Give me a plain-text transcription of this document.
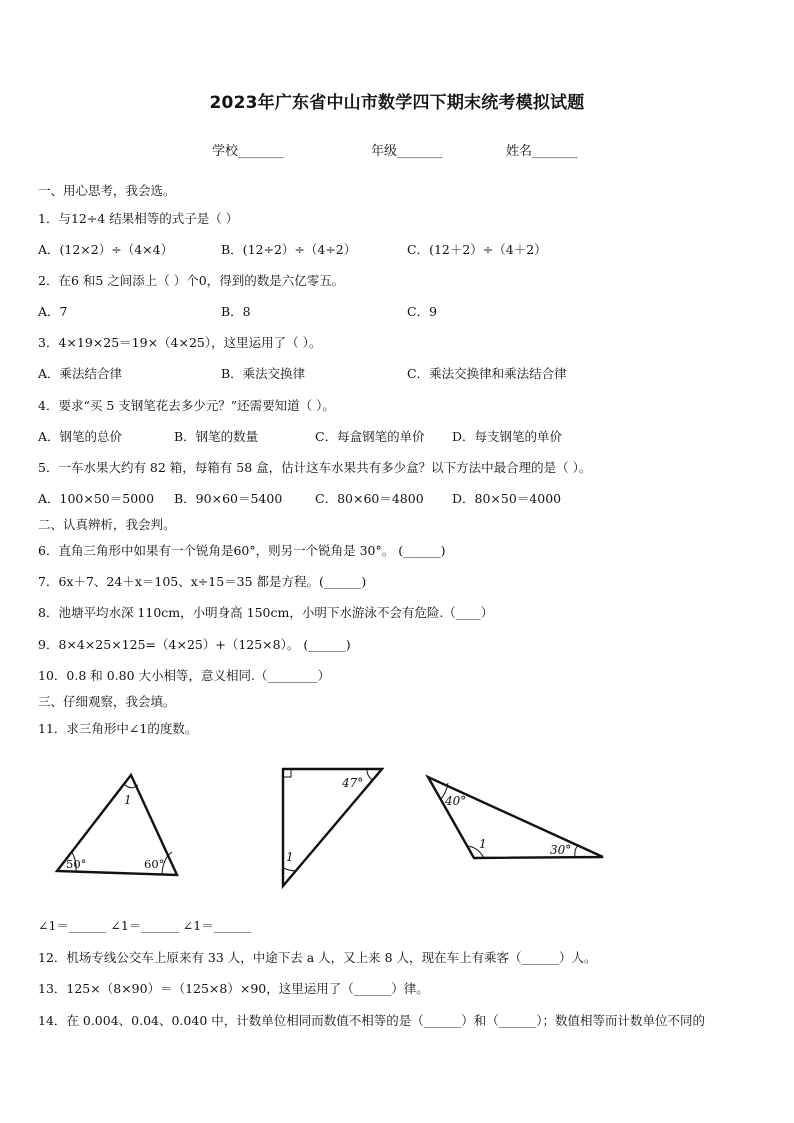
2023年广东省中山市数学四下期末统考模拟试题
学校_______	年级_______	姓名_______
一、用心思考，我会选。
1．与12÷4 结果相等的式子是（ ）
A．(12×2）÷（4×4）	B．(12÷2）÷（4÷2）	C．(12＋2）÷（4＋2）
2．在6 和5 之间添上（ ）个0，得到的数是六亿零五。
A．7	B．8	C．9
3．4×19×25＝19×（4×25），这里运用了（ ）。
A．乘法结合律	B．乘法交换律	C．乘法交换律和乘法结合律
4．要求“买 5 支钢笔花去多少元？”还需要知道（ ）。
A．钢笔的总价	B．钢笔的数量	C．每盒钢笔的单价 D．每支钢笔的单价
5．一车水果大约有 82 箱，每箱有 58 盒，估计这车水果共有多少盒？以下方法中最合理的是（ ）。
A．100×50＝5000 B．90×60＝5400	C．80×60＝4800 D．80×50＝4000
二、认真辨析，我会判。
6．直角三角形中如果有一个锐角是60°，则另一个锐角是 30°。 (______)
7．6x＋7、24＋x＝105、x÷15＝35 都是方程。(______)
8．池塘平均水深 110cm，小明身高 150cm，小明下水游泳不会有危险.（____）
9．8×4×25×125=（4×25）+（125×8）。 (______)
10．0.8 和 0.80 大小相等，意义相同.（________）
三、仔细观察，我会填。
11．求三角形中∠1的度数。
1
50°	60°
47°
1
40°
1	30°
∠1＝______ ∠1＝______ ∠1＝______
12．机场专线公交车上原来有 33 人，中途下去 a 人，又上来 8 人，现在车上有乘客（______）人。
13．125×（8×90）＝（125×8）×90，这里运用了（______）律。
14．在 0.004、0.04、0.040 中，计数单位相同而数值不相等的是（______）和（______）；数值相等而计数单位不同的
